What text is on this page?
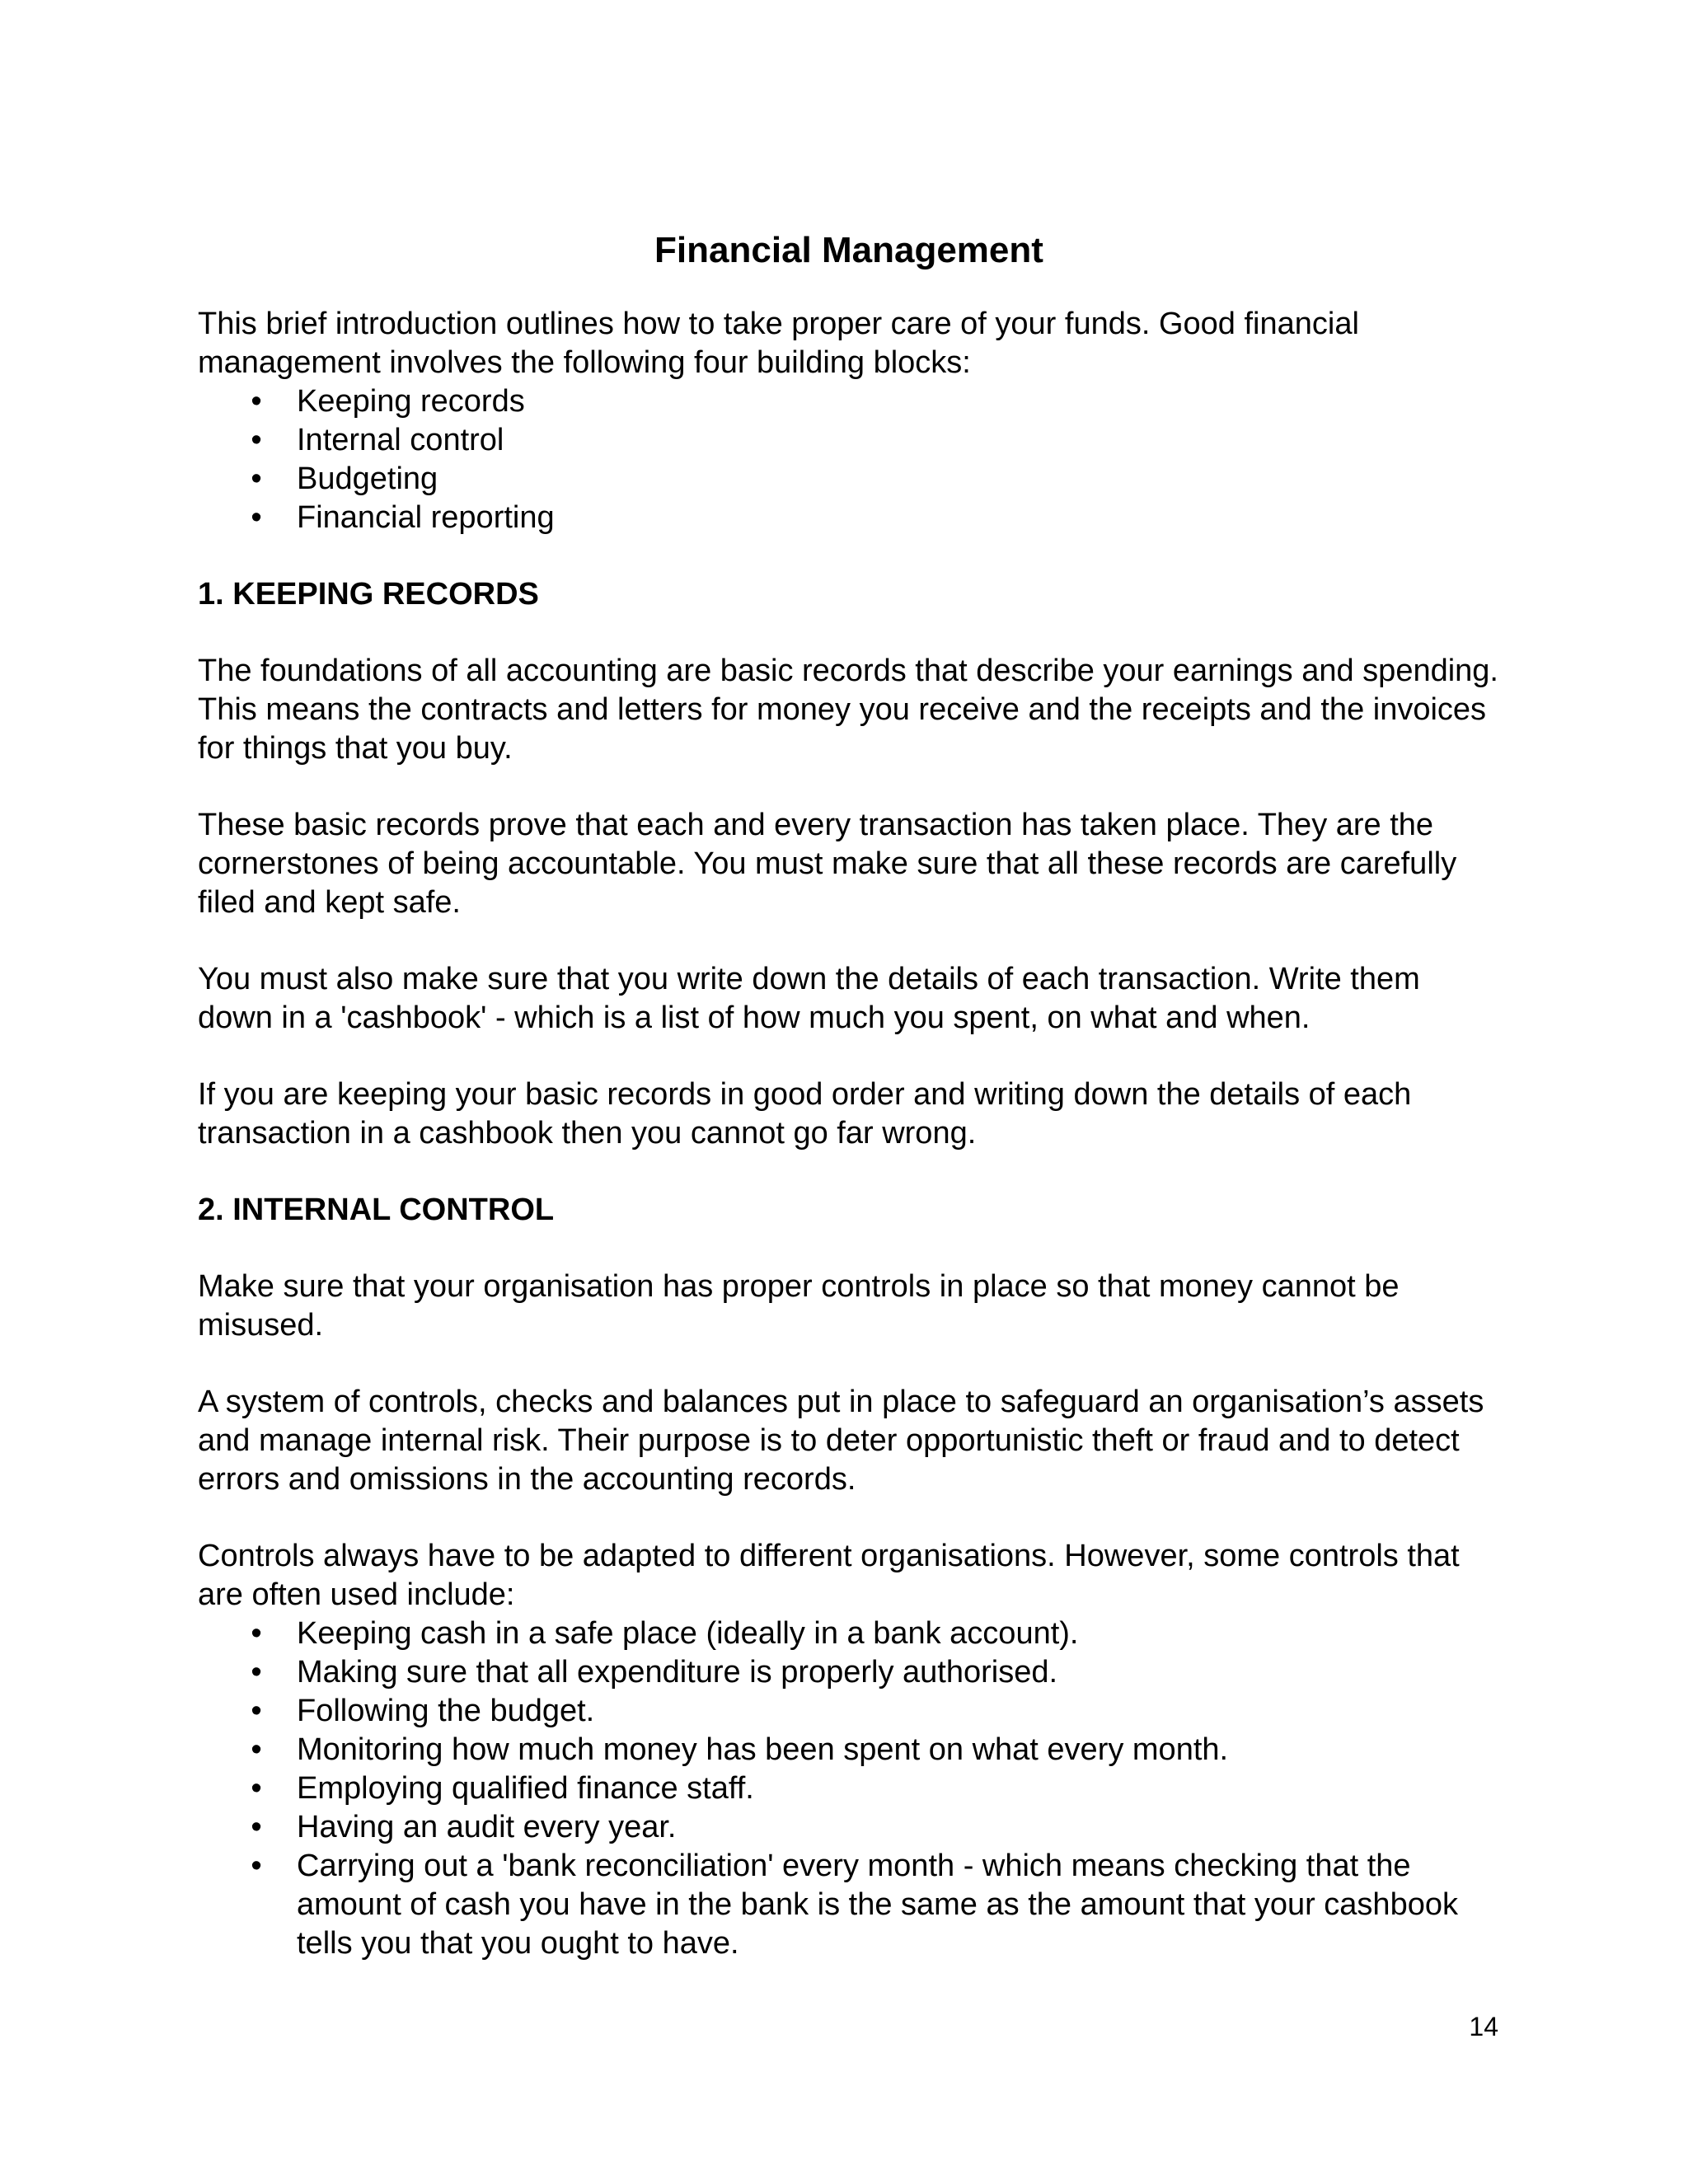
Financial Management

This brief introduction outlines how to take proper care of your funds. Good financial management involves the following four building blocks:

• Keeping records
• Internal control
• Budgeting
• Financial reporting
1. KEEPING RECORDS

The foundations of all accounting are basic records that describe your earnings and spending. This means the contracts and letters for money you receive and the receipts and the invoices for things that you buy.

These basic records prove that each and every transaction has taken place. They are the cornerstones of being accountable. You must make sure that all these records are carefully filed and kept safe.

You must also make sure that you write down the details of each transaction. Write them down in a 'cashbook' - which is a list of how much you spent, on what and when.

If you are keeping your basic records in good order and writing down the details of each transaction in a cashbook then you cannot go far wrong.

2. INTERNAL CONTROL

Make sure that your organisation has proper controls in place so that money cannot be misused.

A system of controls, checks and balances put in place to safeguard an organisation’s assets and manage internal risk. Their purpose is to deter opportunistic theft or fraud and to detect errors and omissions in the accounting records.

Controls always have to be adapted to different organisations. However, some controls that are often used include:

• Keeping cash in a safe place (ideally in a bank account).
• Making sure that all expenditure is properly authorised.
• Following the budget.
• Monitoring how much money has been spent on what every month.
• Employing qualified finance staff.
• Having an audit every year.
• Carrying out a 'bank reconciliation' every month - which means checking that the amount of cash you have in the bank is the same as the amount that your cashbook tells you that you ought to have.
14
